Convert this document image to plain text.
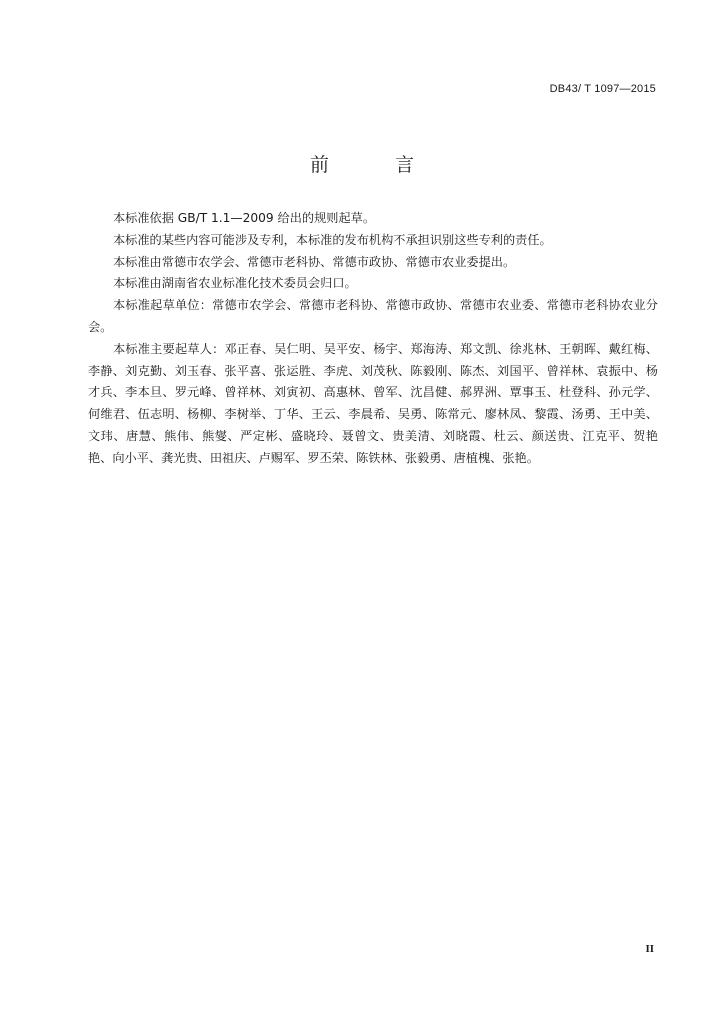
DB43/ T 1097—2015
前 言

本标准依据 GB/T 1.1—2009 给出的规则起草。

本标准的某些内容可能涉及专利，本标准的发布机构不承担识别这些专利的责任。

本标准由常德市农学会、常德市老科协、常德市政协、常德市农业委提出。

本标准由湖南省农业标准化技术委员会归口。

本标准起草单位：常德市农学会、常德市老科协、常德市政协、常德市农业委、常德市老科协农业分会。

本标准主要起草人：邓正春、吴仁明、吴平安、杨宇、郑海涛、郑文凯、徐兆林、王朝晖、戴红梅、李静、刘克勤、刘玉春、张平喜、张运胜、李虎、刘茂秋、陈毅刚、陈杰、刘国平、曾祥林、袁振中、杨才兵、李本旦、罗元峰、曾祥林、刘寅初、高惠林、曾军、沈昌健、郝界洲、覃事玉、杜登科、孙元学、何维君、伍志明、杨柳、李树举、丁华、王云、李晨希、吴勇、陈常元、廖林凤、黎霞、汤勇、王中美、文玮、唐慧、熊伟、熊燮、严定彬、盛晓玲、聂曾文、贵美清、刘晓霞、杜云、颜送贵、江克平、贺艳艳、向小平、龚光贵、田祖庆、卢赐军、罗丕荣、陈铁林、张毅勇、唐植槐、张艳。

II
